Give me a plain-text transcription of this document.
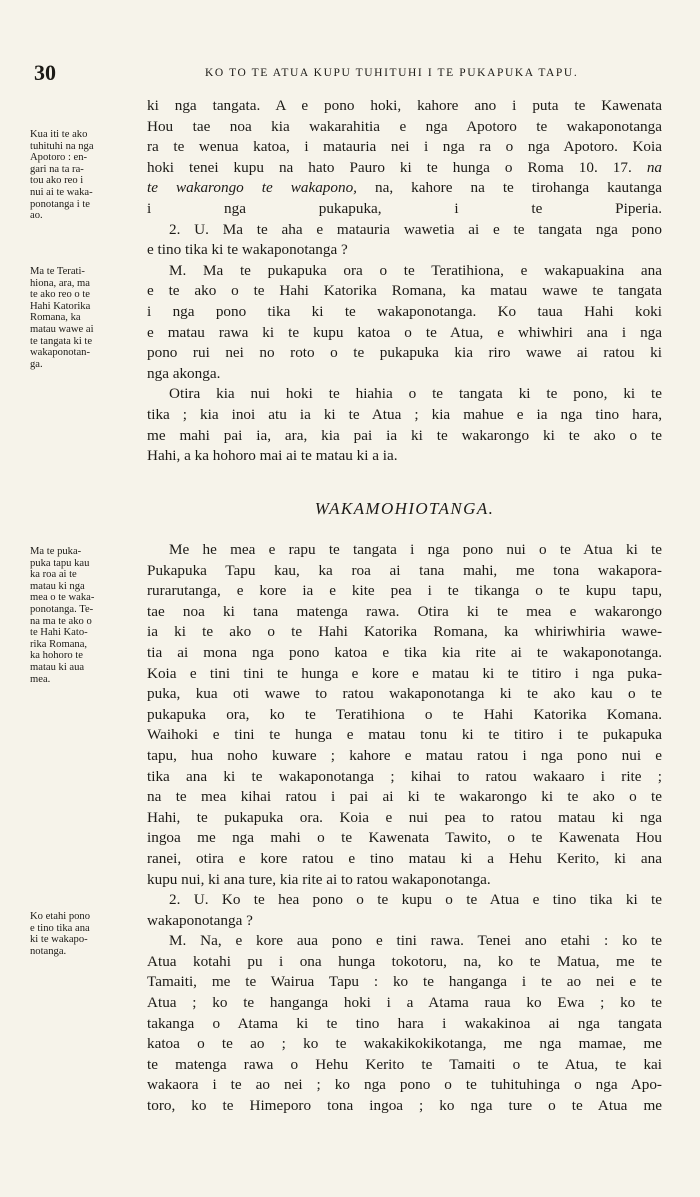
30	KO TO TE ATUA KUPU TUHITUHI I TE PUKAPUKA TAPU.
ki nga tangata. A e pono hoki, kahore ano i puta te Kawenata
Hou tae noa kia wakarahitia e nga Apotoro te wakaponotanga
ra te wenua katoa, i matauria nei i nga ra o nga Apotoro. Koia
hoki tenei kupu na hato Pauro ki te hunga o Roma 10. 17. na
te wakarongo te wakapono, na, kahore na te tirohanga kautanga
i nga pukapuka, i te Piperia.
2. U. Ma te aha e matauria wawetia ai e te tangata nga pono
e tino tika ki te wakaponotanga ?
M. Ma te pukapuka ora o te Teratihiona, e wakapuakina ana
e te ako o te Hahi Katorika Romana, ka matau wawe te tangata
i nga pono tika ki te wakaponotanga. Ko taua Hahi koki
e matau rawa ki te kupu katoa o te Atua, e whiwhiri ana i nga
pono rui nei no roto o te pukapuka kia riro wawe ai ratou ki
nga akonga.
Otira kia nui hoki te hiahia o te tangata ki te pono, ki te
tika ; kia inoi atu ia ki te Atua ; kia mahue e ia nga tino hara,
me mahi pai ia, ara, kia pai ia ki te wakarongo ki te ako o te
Hahi, a ka hohoro mai ai te matau ki a ia.
WAKAMOHIOTANGA.
Me he mea e rapu te tangata i nga pono nui o te Atua ki te
Pukapuka Tapu kau, ka roa ai tana mahi, me tona wakapora-
rurarutanga, e kore ia e kite pea i te tikanga o te kupu tapu,
tae noa ki tana matenga rawa. Otira ki te mea e wakarongo
ia ki te ako o te Hahi Katorika Romana, ka whiriwhiria wawe-
tia ai mona nga pono katoa e tika kia rite ai te wakaponotanga.
Koia e tini tini te hunga e kore e matau ki te titiro i nga puka-
puka, kua oti wawe to ratou wakaponotanga ki te ako kau o te
pukapuka ora, ko te Teratihiona o te Hahi Katorika Komana.
Waihoki e tini te hunga e matau tonu ki te titiro i te pukapuka
tapu, hua noho kuware ; kahore e matau ratou i nga pono nui e
tika ana ki te wakaponotanga ; kihai to ratou wakaaro i rite ;
na te mea kihai ratou i pai ai ki te wakarongo ki te ako o te
Hahi, te pukapuka ora. Koia e nui pea to ratou matau ki nga
ingoa me nga mahi o te Kawenata Tawito, o te Kawenata Hou
ranei, otira e kore ratou e tino matau ki a Hehu Kerito, ki ana
kupu nui, ki ana ture, kia rite ai to ratou wakaponotanga.
2. U. Ko te hea pono o te kupu o te Atua e tino tika ki te
wakaponotanga ?
M. Na, e kore aua pono e tini rawa. Tenei ano etahi : ko te
Atua kotahi pu i ona hunga tokotoru, na, ko te Matua, me te
Tamaiti, me te Wairua Tapu : ko te hanganga i te ao nei e te
Atua ; ko te hanganga hoki i a Atama raua ko Ewa ; ko te
takanga o Atama ki te tino hara i wakakinoa ai nga tangata
katoa o te ao ; ko te wakakikokikotanga, me nga mamae, me
te matenga rawa o Hehu Kerito te Tamaiti o te Atua, te kai
wakaora i te ao nei ; ko nga pono o te tuhituhinga o nga Apo-
toro, ko te Himeporo tona ingoa ; ko nga ture o te Atua me
Kua iti te ako
tuhituhi na nga
Apotoro : en-
gari na ta ra-
tou ako reo i
nui ai te waka-
ponotanga i te
ao.
Ma te Terati-
hiona, ara, ma
te ako reo o te
Hahi Katorika
Romana, ka
matau wawe ai
te tangata ki te
wakaponotan-
ga.
Ma te puka-
puka tapu kau
ka roa ai te
matau ki nga
mea o te waka-
ponotanga. Te-
na ma te ako o
te Hahi Kato-
rika Romana,
ka hohoro te
matau ki aua
mea.
Ko etahi pono
e tino tika ana
ki te wakapo-
notanga.
